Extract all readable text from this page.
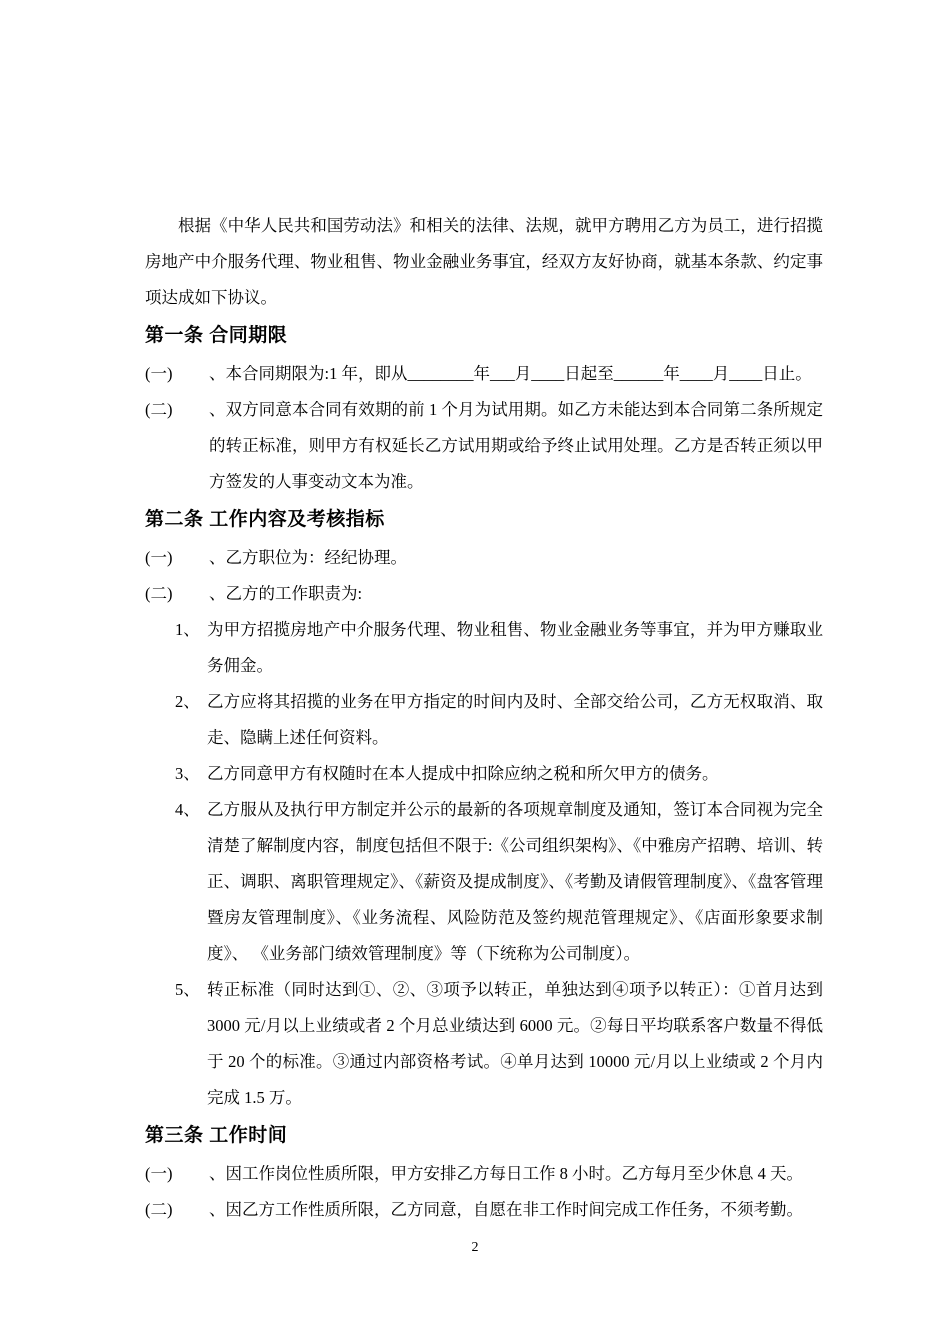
根据《中华人民共和国劳动法》和相关的法律、法规，就甲方聘用乙方为员工，进行招揽房地产中介服务代理、物业租售、物业金融业务事宜，经双方友好协商，就基本条款、约定事项达成如下协议。

第一条 合同期限
(一) 、本合同期限为:1 年，即从________年___月____日起至______年____月____日止。
(二) 、双方同意本合同有效期的前 1 个月为试用期。如乙方未能达到本合同第二条所规定的转正标准，则甲方有权延长乙方试用期或给予终止试用处理。乙方是否转正须以甲方签发的人事变动文本为准。
第二条 工作内容及考核指标
(一) 、乙方职位为：经纪协理。
(二) 、乙方的工作职责为:
1、 为甲方招揽房地产中介服务代理、物业租售、物业金融业务等事宜，并为甲方赚取业务佣金。
2、 乙方应将其招揽的业务在甲方指定的时间内及时、全部交给公司，乙方无权取消、取走、隐瞒上述任何资料。
3、 乙方同意甲方有权随时在本人提成中扣除应纳之税和所欠甲方的债务。
4、 乙方服从及执行甲方制定并公示的最新的各项规章制度及通知，签订本合同视为完全清楚了解制度内容，制度包括但不限于:《公司组织架构》、《中雅房产招聘、培训、转正、调职、离职管理规定》、《薪资及提成制度》、《考勤及请假管理制度》、《盘客管理暨房友管理制度》、《业务流程、风险防范及签约规范管理规定》、《店面形象要求制度》、 《业务部门绩效管理制度》等（下统称为公司制度）。
5、 转正标准（同时达到①、②、③项予以转正，单独达到④项予以转正）：①首月达到 3000 元/月以上业绩或者 2 个月总业绩达到 6000 元。②每日平均联系客户数量不得低于 20 个的标准。③通过内部资格考试。④单月达到 10000 元/月以上业绩或 2 个月内完成 1.5 万。
第三条 工作时间
(一) 、因工作岗位性质所限，甲方安排乙方每日工作 8 小时。乙方每月至少休息 4 天。
(二) 、因乙方工作性质所限，乙方同意，自愿在非工作时间完成工作任务，不须考勤。
2
